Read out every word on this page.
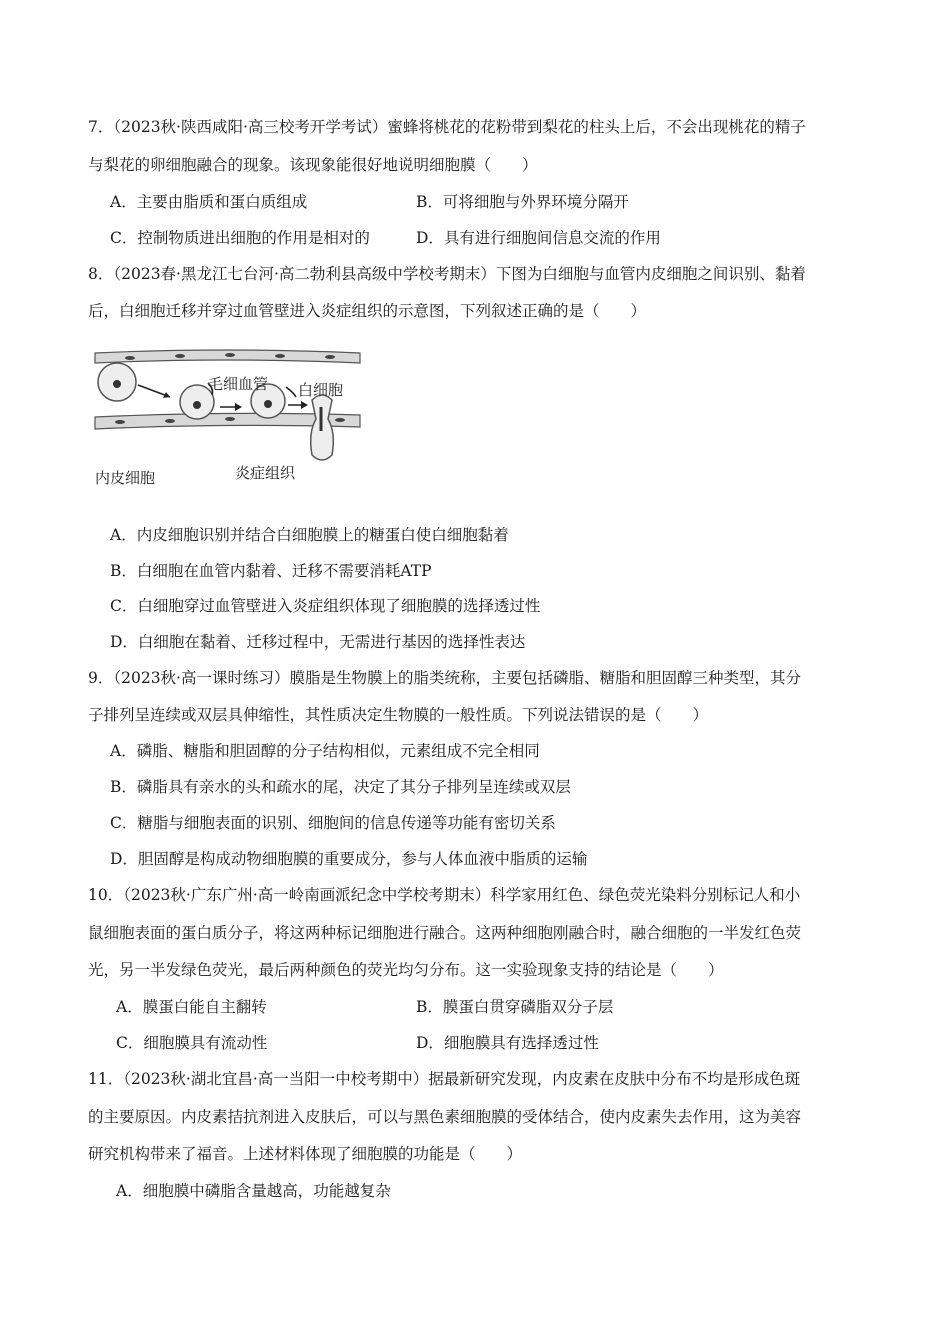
7．（2023秋·陕西咸阳·高三校考开学考试）蜜蜂将桃花的花粉带到梨花的柱头上后，不会出现桃花的精子
与梨花的卵细胞融合的现象。该现象能很好地说明细胞膜（　　）
A．主要由脂质和蛋白质组成	B．可将细胞与外界环境分隔开
C．控制物质进出细胞的作用是相对的	D．具有进行细胞间信息交流的作用
8．（2023春·黑龙江七台河·高二勃利县高级中学校考期末）下图为白细胞与血管内皮细胞之间识别、黏着
后，白细胞迁移并穿过血管壁进入炎症组织的示意图，下列叙述正确的是（　　）
毛细血管 白细胞
内皮细胞	炎症组织
A．内皮细胞识别并结合白细胞膜上的糖蛋白使白细胞黏着
B．白细胞在血管内黏着、迁移不需要消耗ATP
C．白细胞穿过血管壁进入炎症组织体现了细胞膜的选择透过性
D．白细胞在黏着、迁移过程中，无需进行基因的选择性表达
9．（2023秋·高一课时练习）膜脂是生物膜上的脂类统称，主要包括磷脂、糖脂和胆固醇三种类型，其分
子排列呈连续或双层具伸缩性，其性质决定生物膜的一般性质。下列说法错误的是（　　）
A．磷脂、糖脂和胆固醇的分子结构相似，元素组成不完全相同
B．磷脂具有亲水的头和疏水的尾，决定了其分子排列呈连续或双层
C．糖脂与细胞表面的识别、细胞间的信息传递等功能有密切关系
D．胆固醇是构成动物细胞膜的重要成分，参与人体血液中脂质的运输
10．（2023秋·广东广州·高一岭南画派纪念中学校考期末）科学家用红色、绿色荧光染料分别标记人和小
鼠细胞表面的蛋白质分子，将这两种标记细胞进行融合。这两种细胞刚融合时，融合细胞的一半发红色荧
光，另一半发绿色荧光，最后两种颜色的荧光均匀分布。这一实验现象支持的结论是（　　）
A．膜蛋白能自主翻转	B．膜蛋白贯穿磷脂双分子层
C．细胞膜具有流动性	D．细胞膜具有选择透过性
11．（2023秋·湖北宜昌·高一当阳一中校考期中）据最新研究发现，内皮素在皮肤中分布不均是形成色斑
的主要原因。内皮素拮抗剂进入皮肤后，可以与黑色素细胞膜的受体结合，使内皮素失去作用，这为美容
研究机构带来了福音。上述材料体现了细胞膜的功能是（　　）
A．细胞膜中磷脂含量越高，功能越复杂
